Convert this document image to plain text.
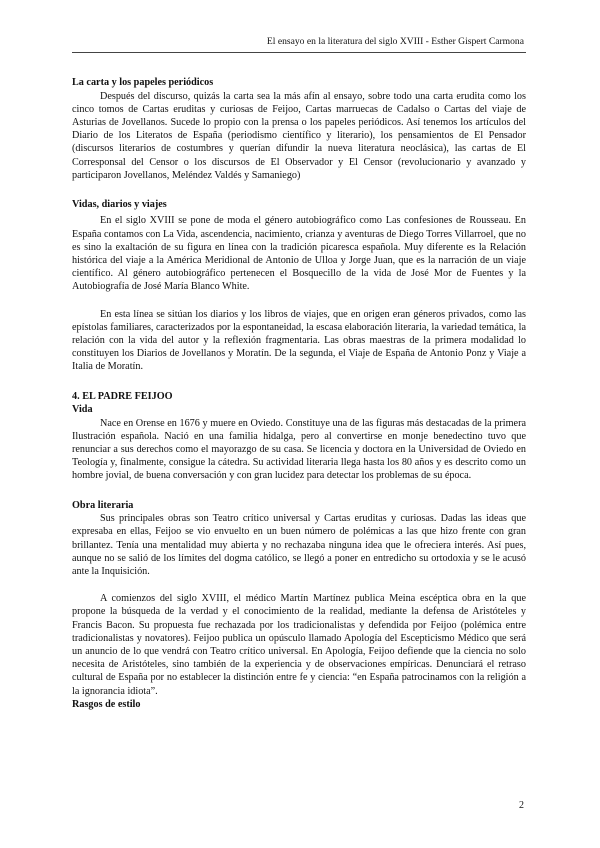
El ensayo en la literatura del siglo XVIII - Esther Gispert Carmona
La carta y los papeles periódicos

Después del discurso, quizás la carta sea la más afín al ensayo, sobre todo una carta erudita como los cinco tomos de Cartas eruditas y curiosas de Feijoo, Cartas marruecas de Cadalso o Cartas del viaje de Asturias de Jovellanos. Sucede lo propio con la prensa o los papeles periódicos. Así tenemos los artículos del Diario de los Literatos de España (periodismo científico y literario), los pensamientos de El Pensador (discursos literarios de costumbres y querían difundir la nueva literatura neoclásica), las cartas de El Corresponsal del Censor o los discursos de El Observador y El Censor (revolucionario y avanzado y participaron Jovellanos, Meléndez Valdés y Samaniego)

Vidas, diarios y viajes

En el siglo XVIII se pone de moda el género autobiográfico como Las confesiones de Rousseau. En España contamos con La Vida, ascendencia, nacimiento, crianza y aventuras de Diego Torres Villarroel, que no es sino la exaltación de su figura en línea con la tradición picaresca española. Muy diferente es la Relación histórica del viaje a la América Meridional de Antonio de Ulloa y Jorge Juan, que es la narración de un viaje científico. Al género autobiográfico pertenecen el Bosquecillo de la vida de José Mor de Fuentes y la Autobiografía de José María Blanco White.

En esta línea se sitúan los diarios y los libros de viajes, que en origen eran géneros privados, como las epístolas familiares, caracterizados por la espontaneidad, la escasa elaboración literaria, la variedad temática, la relación con la vida del autor y la reflexión fragmentaria. Las obras maestras de la primera modalidad lo constituyen los Diarios de Jovellanos y Moratín. De la segunda, el Viaje de España de Antonio Ponz y Viaje a Italia de Moratín.

4. EL PADRE FEIJOO
Vida

Nace en Orense en 1676 y muere en Oviedo. Constituye una de las figuras más destacadas de la primera Ilustración española. Nació en una familia hidalga, pero al convertirse en monje benedectino tuvo que renunciar a sus derechos como el mayorazgo de su casa. Se licencia y doctora en la Universidad de Oviedo en Teología y, finalmente, consigue la cátedra. Su actividad literaria llega hasta los 80 años y es descrito como un hombre jovial, de buena conversación y con gran lucidez para detectar los problemas de su época.

Obra literaria

Sus principales obras son Teatro crítico universal y Cartas eruditas y curiosas. Dadas las ideas que expresaba en ellas, Feijoo se vio envuelto en un buen número de polémicas a las que hizo frente con gran brillantez. Tenía una mentalidad muy abierta y no rechazaba ninguna idea que le ofreciera interés. Así pues, aunque no se salió de los límites del dogma católico, se llegó a poner en entredicho su ortodoxia y se le acusó ante la Inquisición.

A comienzos del siglo XVIII, el médico Martín Martínez publica Meina escéptica obra en la que propone la búsqueda de la verdad y el conocimiento de la realidad, mediante la defensa de Aristóteles y Francis Bacon. Su propuesta fue rechazada por los tradicionalistas y defendida por Feijoo (polémica entre tradicionalistas y novatores). Feijoo publica un opúsculo llamado Apología del Escepticismo Médico que será un anuncio de lo que vendrá con Teatro crítico universal. En Apología, Feijoo defiende que la ciencia no solo necesita de Aristóteles, sino también de la experiencia y de observaciones empíricas. Denunciará el retraso cultural de España por no establecer la distinción entre fe y ciencia: “en España patrocinamos con la religión a la ignorancia idiota”.

Rasgos de estilo
2
